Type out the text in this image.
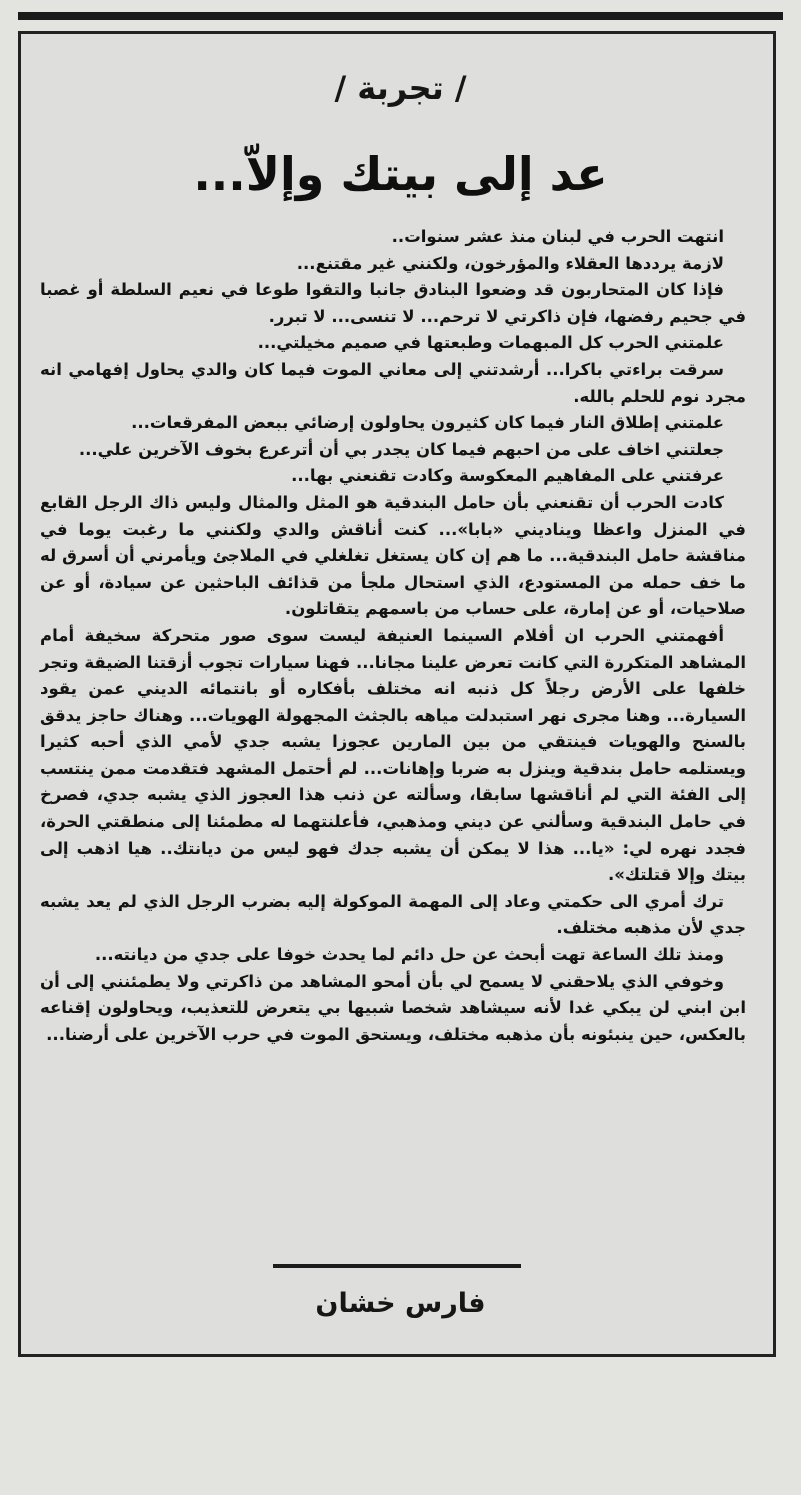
/ تجربة /
عد إلى بيتك وإلاّ...

انتهت الحرب في لبنان منذ عشر سنوات..

لازمة يرددها العقلاء والمؤرخون، ولكنني غير مقتنع...

فإذا كان المتحاربون قد وضعوا البنادق جانبا والتقوا طوعا في نعيم السلطة أو غصبا في جحيم رفضها، فإن ذاكرتي لا ترحم... لا تنسى... لا تبرر.

علمتني الحرب كل المبهمات وطبعتها في صميم مخيلتي...

سرقت براءتي باكرا... أرشدتني إلى معاني الموت فيما كان والدي يحاول إفهامي انه مجرد نوم للحلم بالله.

علمتني إطلاق النار فيما كان كثيرون يحاولون إرضائي ببعض المفرقعات...

جعلتني اخاف على من احبهم فيما كان يجدر بي أن أترعرع بخوف الآخرين علي...

عرفتني على المفاهيم المعكوسة وكادت تقنعني بها...

كادت الحرب أن تقنعني بأن حامل البندقية هو المثل والمثال وليس ذاك الرجل القابع في المنزل واعظا ويناديني «بابا»... كنت أناقش والدي ولكنني ما رغبت يوما في مناقشة حامل البندقية... ما هم إن كان يستغل تغلغلي في الملاجئ ويأمرني أن أسرق له ما خف حمله من المستودع، الذي استحال ملجأ من قذائف الباحثين عن سيادة، أو عن صلاحيات، أو عن إمارة، على حساب من باسمهم يتقاتلون.

أفهمتني الحرب ان أفلام السينما العنيفة ليست سوى صور متحركة سخيفة أمام المشاهد المتكررة التي كانت تعرض علينا مجانا... فهنا سيارات تجوب أزقتنا الضيقة وتجر خلفها على الأرض رجلاً كل ذنبه انه مختلف بأفكاره أو بانتمائه الديني عمن يقود السيارة... وهنا مجرى نهر استبدلت مياهه بالجثث المجهولة الهويات... وهناك حاجز يدقق بالسنح والهويات فينتقي من بين المارين عجوزا يشبه جدي لأمي الذي أحبه كثيرا ويستلمه حامل بندقية وينزل به ضربا وإهانات... لم أحتمل المشهد فتقدمت ممن ينتسب إلى الفئة التي لم أناقشها سابقا، وسألته عن ذنب هذا العجوز الذي يشبه جدي، فصرخ في حامل البندقية وسألني عن ديني ومذهبي، فأعلنتهما له مطمئنا إلى منطقتي الحرة، فجدد نهره لي: «يا... هذا لا يمكن أن يشبه جدك فهو ليس من ديانتك.. هيا اذهب إلى بيتك وإلا قتلتك».

ترك أمري الى حكمتي وعاد إلى المهمة الموكولة إليه بضرب الرجل الذي لم يعد يشبه جدي لأن مذهبه مختلف.

ومنذ تلك الساعة تهت أبحث عن حل دائم لما يحدث خوفا على جدي من ديانته...

وخوفي الذي يلاحقني لا يسمح لي بأن أمحو المشاهد من ذاكرتي ولا يطمئنني إلى أن ابن ابني لن يبكي غدا لأنه سيشاهد شخصا شبيها بي يتعرض للتعذيب، ويحاولون إقناعه بالعكس، حين ينبئونه بأن مذهبه مختلف، ويستحق الموت في حرب الآخرين على أرضنا...

فارس خشان
